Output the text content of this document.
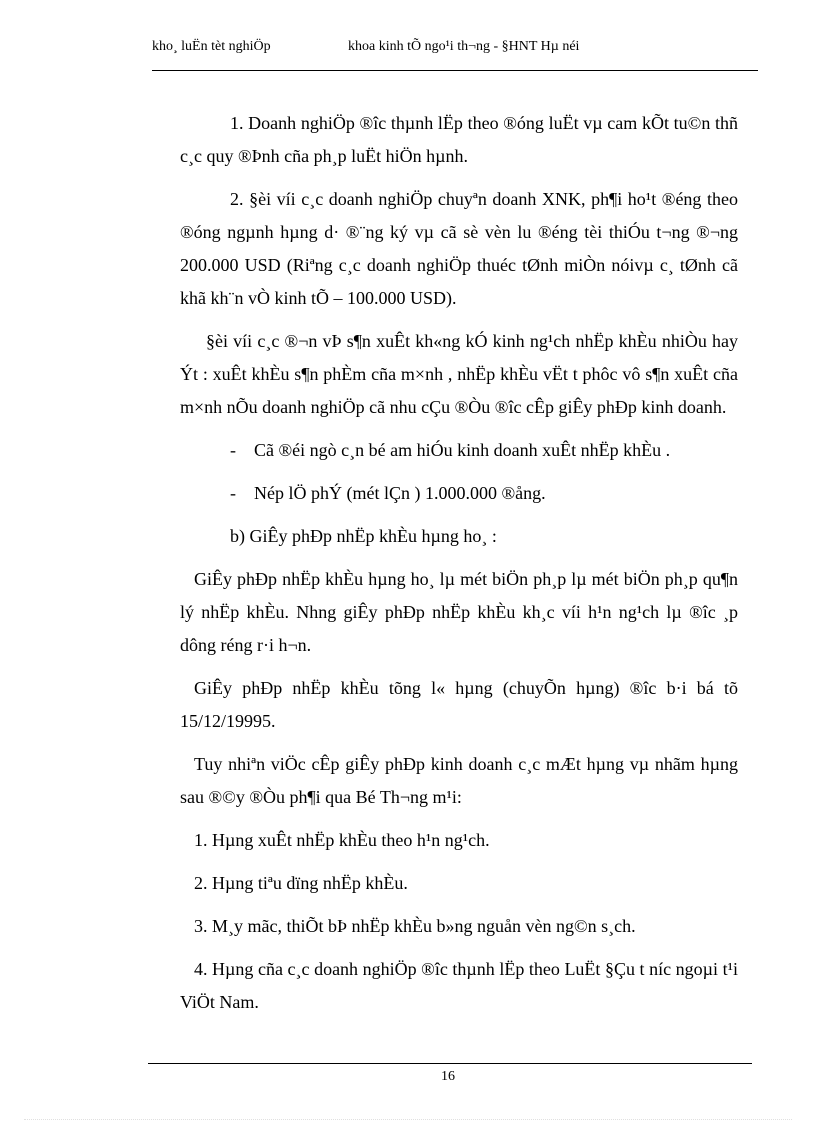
kho¸ luËn tèt nghiÖp	khoa kinh tÕ ngo¹i th¬ng - §HNT Hµ néi

1. Doanh nghiÖp ®îc thµnh lËp theo ®óng luËt vµ cam kÕt tu©n thñ c¸c quy ®Þnh cña ph¸p luËt hiÖn hµnh.

2. §èi víi c¸c doanh nghiÖp chuyªn doanh XNK, ph¶i ho¹t ®éng theo ®óng ngµnh hµng d· ®¨ng ký vµ cã sè vèn lu ®éng tèi thiÓu t¬ng ®¬ng 200.000 USD (Riªng c¸c doanh nghiÖp thuéc tØnh miÒn nóivµ c¸ tØnh cã khã kh¨n vÒ kinh tÕ – 100.000 USD).

§èi víi c¸c ®¬n vÞ s¶n xuÊt kh«ng kÓ kinh ng¹ch nhËp khÈu nhiÒu hay Ýt : xuÊt khÈu s¶n phÈm cña m×nh , nhËp khÈu vËt t phôc vô s¶n xuÊt cña m×nh nÕu doanh nghiÖp cã nhu cÇu ®Òu ®îc cÊp giÊy phÐp kinh doanh.

- Cã ®éi ngò c¸n bé am hiÓu kinh doanh xuÊt nhËp khÈu .
- Nép lÖ phÝ (mét lÇn ) 1.000.000 ®ång.

b) GiÊy phÐp nhËp khÈu hµng ho¸ :

GiÊy phÐp nhËp khÈu hµng ho¸ lµ mét biÖn ph¸p lµ mét biÖn ph¸p qu¶n lý nhËp khÈu. Nhng giÊy phÐp nhËp khÈu kh¸c víi h¹n ng¹ch lµ ®îc ¸p dông réng r·i h¬n.

GiÊy phÐp nhËp khÈu tõng l« hµng (chuyÕn hµng) ®îc b·i bá tõ 15/12/19995.

Tuy nhiªn viÖc cÊp giÊy phÐp kinh doanh c¸c mÆt hµng vµ nhãm hµng sau ®©y ®Òu ph¶i qua Bé Th¬ng m¹i:

1. Hµng xuÊt nhËp khÈu theo h¹n ng¹ch.

2. Hµng tiªu dïng nhËp khÈu.

3. M¸y mãc, thiÕt bÞ nhËp khÈu b»ng nguån vèn ng©n s¸ch.

4. Hµng cña c¸c doanh nghiÖp ®îc thµnh lËp theo LuËt §Çu t níc ngoµi t¹i ViÖt Nam.

16
